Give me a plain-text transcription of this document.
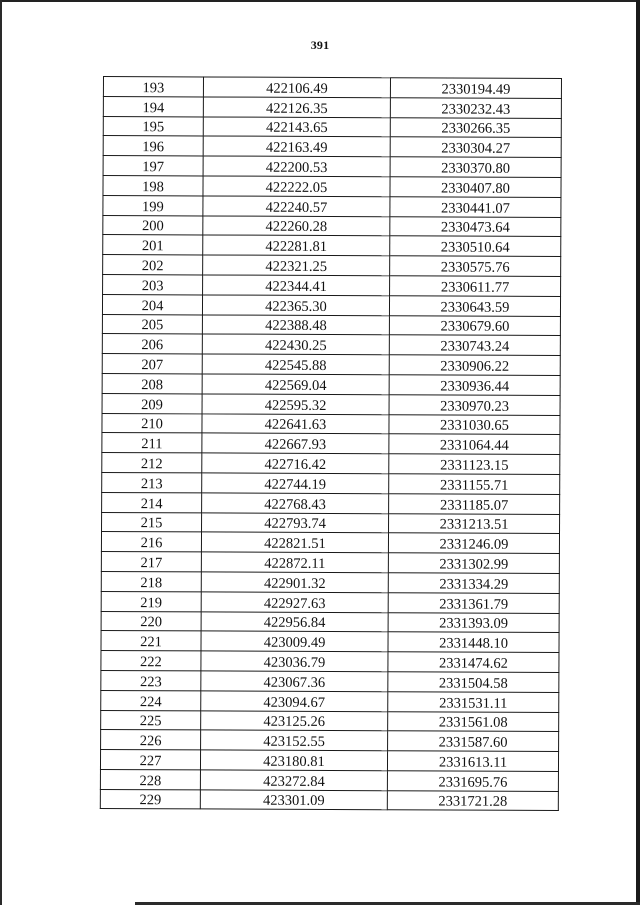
391
193	422106.49	2330194.49
194	422126.35	2330232.43
195	422143.65	2330266.35
196	422163.49	2330304.27
197	422200.53	2330370.80
198	422222.05	2330407.80
199	422240.57	2330441.07
200	422260.28	2330473.64
201	422281.81	2330510.64
202	422321.25	2330575.76
203	422344.41	2330611.77
204	422365.30	2330643.59
205	422388.48	2330679.60
206	422430.25	2330743.24
207	422545.88	2330906.22
208	422569.04	2330936.44
209	422595.32	2330970.23
210	422641.63	2331030.65
211	422667.93	2331064.44
212	422716.42	2331123.15
213	422744.19	2331155.71
214	422768.43	2331185.07
215	422793.74	2331213.51
216	422821.51	2331246.09
217	422872.11	2331302.99
218	422901.32	2331334.29
219	422927.63	2331361.79
220	422956.84	2331393.09
221	423009.49	2331448.10
222	423036.79	2331474.62
223	423067.36	2331504.58
224	423094.67	2331531.11
225	423125.26	2331561.08
226	423152.55	2331587.60
227	423180.81	2331613.11
228	423272.84	2331695.76
229	423301.09	2331721.28
